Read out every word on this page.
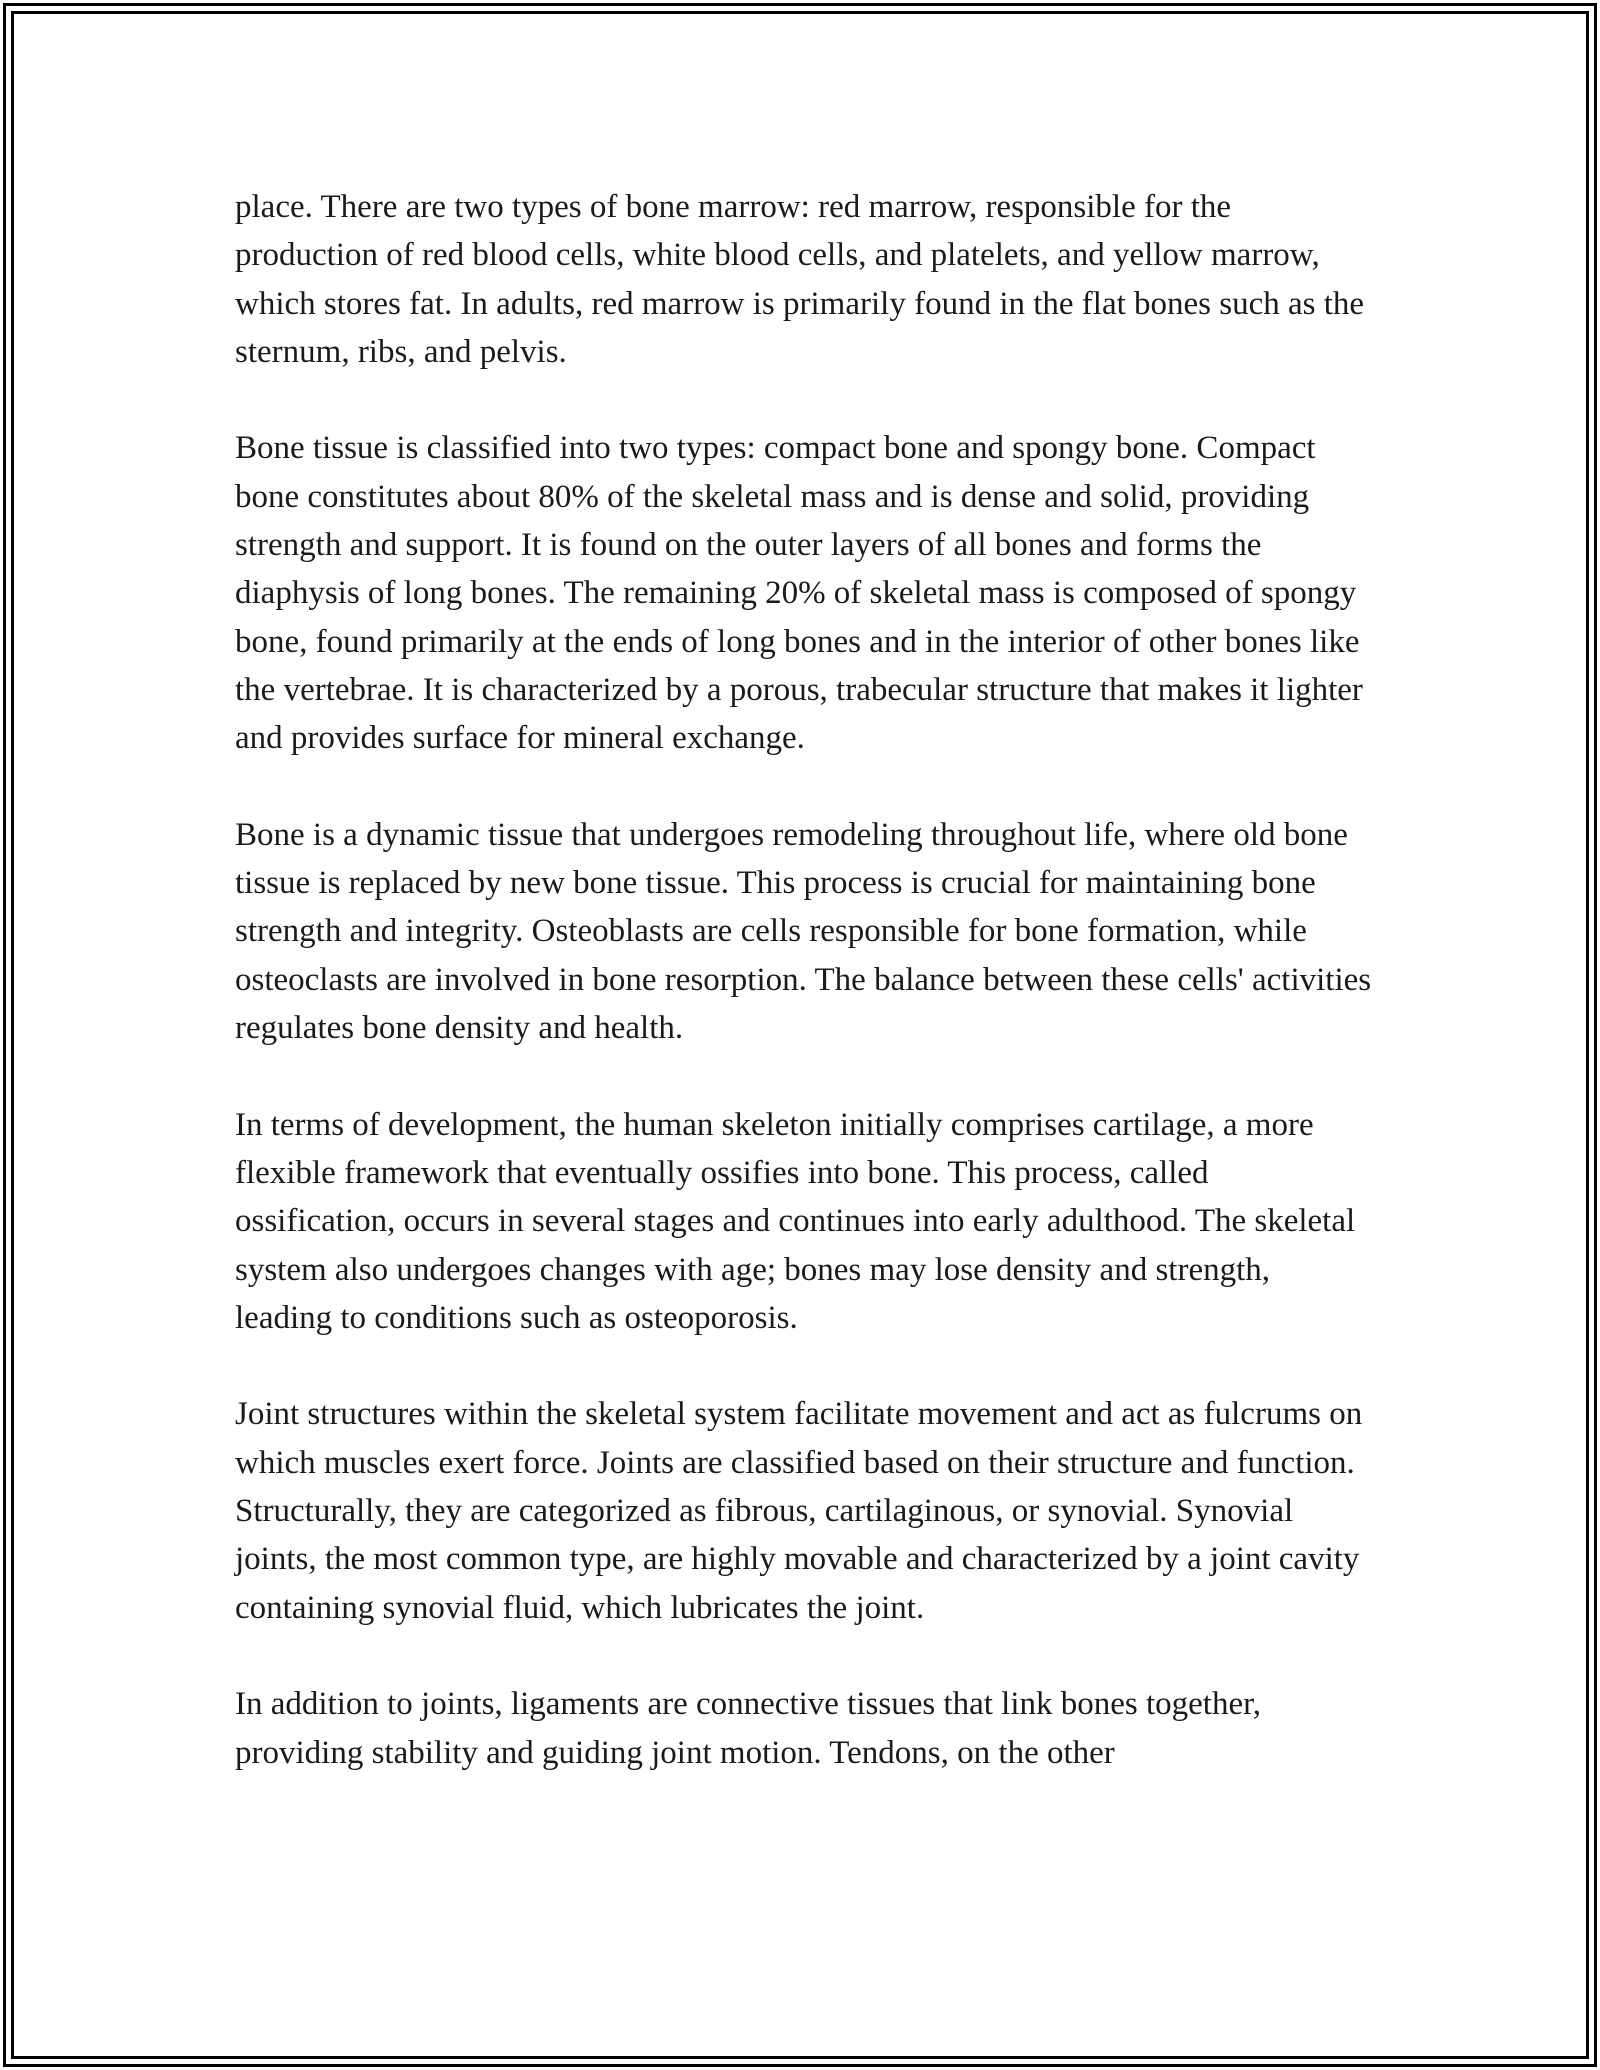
place. There are two types of bone marrow: red marrow, responsible for the production of red blood cells, white blood cells, and platelets, and yellow marrow, which stores fat. In adults, red marrow is primarily found in the flat bones such as the sternum, ribs, and pelvis.

Bone tissue is classified into two types: compact bone and spongy bone. Compact bone constitutes about 80% of the skeletal mass and is dense and solid, providing strength and support. It is found on the outer layers of all bones and forms the diaphysis of long bones. The remaining 20% of skeletal mass is composed of spongy bone, found primarily at the ends of long bones and in the interior of other bones like the vertebrae. It is characterized by a porous, trabecular structure that makes it lighter and provides surface for mineral exchange.

Bone is a dynamic tissue that undergoes remodeling throughout life, where old bone tissue is replaced by new bone tissue. This process is crucial for maintaining bone strength and integrity. Osteoblasts are cells responsible for bone formation, while osteoclasts are involved in bone resorption. The balance between these cells' activities regulates bone density and health.

In terms of development, the human skeleton initially comprises cartilage, a more flexible framework that eventually ossifies into bone. This process, called ossification, occurs in several stages and continues into early adulthood. The skeletal system also undergoes changes with age; bones may lose density and strength, leading to conditions such as osteoporosis.

Joint structures within the skeletal system facilitate movement and act as fulcrums on which muscles exert force. Joints are classified based on their structure and function. Structurally, they are categorized as fibrous, cartilaginous, or synovial. Synovial joints, the most common type, are highly movable and characterized by a joint cavity containing synovial fluid, which lubricates the joint.

In addition to joints, ligaments are connective tissues that link bones together, providing stability and guiding joint motion. Tendons, on the other
